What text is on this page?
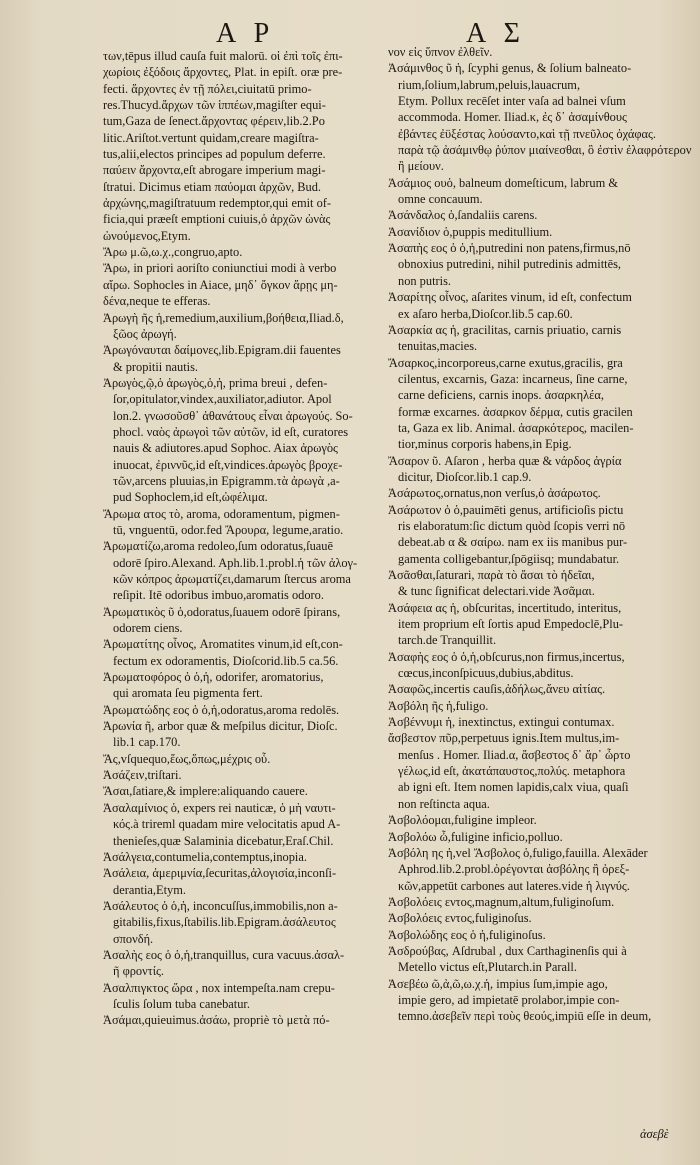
A P	A Σ
των,tēpus illud cauſa fuit malorū. οἱ ἐπὶ τοῖς ἐπι-
χωρίοις ἐξόδοις ἄρχοντες, Plat. in epiſt. oræ pre-
fecti. ἄρχοντες ἐν τῇ πόλει,ciuitatū primo-
res.Thucyd.ἄρχων τῶν ἱππέων,magiſter equi-
tum,Gaza de ſenect.ἄρχοντας φέρειν,lib.2.Po
litic.Ariſtot.vertunt quidam,creare magiſtra-
tus,alii,electos principes ad populum deferre.
παύειν ἄρχοντα,eſt abrogare imperium magi-
ſtratui. Dicimus etiam παύομαι ἀρχῶν, Bud.
ἀρχώνης,magiſtratuum redemptor,qui emit of-
ficia,qui præeſt emptioni cuiuis,ὁ ἀρχῶν ὠνὰς
ὠνούμενος,Etym.
Ἄρω μ.ῶ,ω.χ.,congruo,apto.
Ἄρω, in priori aoriſto coniunctiui modi à verbo
αἴρω. Sophocles in Aiace, μηδ᾽ ὄγκον ἄρῃς μη-
δένα,neque te efferas.
Ἀρωγὴ ῆς ἡ,remedium,auxilium,βοήθεια,Iliad.δ,
ξῶος ἀρωγή.
Ἀρωγόναυται δαίμονες,lib.Epigram.dii fauentes
& propitii nautis.
Ἀρωγὸς,ῷ,ὁ ἀρωγὸς,ὁ,ἡ, prima breui , defen-
ſor,opitulator,vindex,auxiliator,adiutor. Apol
lon.2. γνωσοῦσθ᾽ ἀθανάτους εἶναι ἀρωγούς. So-
phocl. ναὸς ἀρωγοὶ τῶν αὐτῶν, id eſt, curatores
nauis & adiutores.apud Sophoc. Aiax ἀρωγὸς
inuocat, ἐριννῦς,id eſt,vindices.ἀρωγὸς βροχε-
τῶν,arcens pluuias,in Epigramm.τὰ ἀρωγὰ ,a-
pud Sophoclem,id eſt,ὠφέλιμα.
Ἄρωμα ατος τὸ, aroma, odoramentum, pigmen-
tū, vnguentū, odor.fed Ἄρουρα, legume,aratio.
Ἀρωματίζω,aroma redoleo,ſum odoratus,ſuauē
odorē ſpiro.Alexand. Aph.lib.1.probl.ἡ τῶν ἀλογ-
κῶν κόπρος ἀρωματίζει,damarum ſtercus aroma
reſipit. Itē odoribus imbuo,aromatis odoro.
Ἀρωματικὸς ῦ ὁ,odoratus,ſuauem odorē ſpirans,
odorem ciens.
Ἀρωματίτης οἶνος, Aromatites vinum,id eſt,con-
fectum ex odoramentis, Dioſcorid.lib.5 ca.56.
Ἀρωματοφόρος ὁ ὁ,ἡ, odorifer, aromatorius,
qui aromata ſeu pigmenta fert.
Ἀρωματώδης εος ὁ ὁ,ἡ,odoratus,aroma redolēs.
Ἀρωνία ῆ, arbor quæ & meſpilus dicitur, Dioſc.
lib.1 cap.170.
Ἄς,vſquequo,ἕως,ὅπως,μέχρις οὗ.
Ἀσάζειν,triſtari.
Ἄσαι,ſatiare,& implere:aliquando cauere.
Ἀσαλαμίνιος ὁ, expers rei nauticæ, ὁ μὴ ναυτι-
κός.à trireml quadam mire velocitatis apud A-
thenieſes,quæ Salaminia dicebatur,Eraſ.Chil.
Ἀσάλγεια,contumelia,contemptus,inopia.
Ἀσάλεια, ἀμεριμνία,ſecuritas,ἀλογισία,inconſi-
derantia,Etym.
Ἀσάλευτος ὁ ὁ,ἡ, inconcuſſus,immobilis,non a-
gitabilis,fixus,ſtabilis.lib.Epigram.ἀσάλευτος
σπονδή.
Ἀσαλὴς εος ὁ ὁ,ἡ,tranquillus, cura vacuus.ἀσαλ-
ῆ φροντίς.
Ἀσαλπιγκτος ὥρα , nox intempeſta.nam crepu-
ſculis ſolum tuba canebatur.
Ἀσάμαι,quieuimus.ἀσάω, propriè τὸ μετὰ πό-
νον εἰς ὕπνον ἐλθεῖν.
Ἀσάμινθος ῦ ἡ, ſcyphi genus, & ſolium balneato-
rium,ſolium,labrum,peluis,lauacrum,
Etym. Pollux recēſet inter vaſa ad balnei vſum
accommoda. Homer. Iliad.κ, ἐς δ᾽ ἀσαμίνθους
ἐβάντες ἐϋξέστας λούσαντο,καὶ τῇ πνεῦλος ὀχάφας.
παρὰ τῷ ἀσάμινθῳ ῥύπον μιαίνεσθαι, ὃ ἐστὶν ἐλαφρότερον
ἢ μείουν.
Ἀσάμιος ουὁ, balneum domeſticum, labrum &
omne concauum.
Ἀσάνδαλος ὁ,ſandaliis carens.
Ἀσανίδιον ὁ,puppis meditullium.
Ἀσαπὴς εος ὁ ὁ,ἡ,putredini non patens,firmus,nō
obnoxius putredini, nihil putredinis admittēs,
non putris.
Ἀσαρίτης οἶνος, aſarites vinum, id eſt, confectum
ex aſaro herba,Dioſcor.lib.5 cap.60.
Ἀσαρκία ας ἡ, gracilitas, carnis priuatio, carnis
tenuitas,macies.
Ἄσαρκος,incorporeus,carne exutus,gracilis, gra
cilentus, excarnis, Gaza: incarneus, ſine carne,
carne deficiens, carnis inops. ἀσαρκηλέα,
formæ excarnes. ἀσαρκον δέρμα, cutis gracilen
ta, Gaza ex lib. Animal. ἀσαρκότερος, macilen-
tior,minus corporis habens,in Epig.
Ἄσαρον ῦ. Aſaron , herba quæ & νάρδος ἀγρία
dicitur, Dioſcor.lib.1 cap.9.
Ἀσάρωτος,ornatus,non verſus,ὁ ἀσάρωτος.
Ἀσάρωτον ὁ ὁ,pauimēti genus, artificioſis pictu
ris elaboratum:ſic dictum quòd ſcopis verri nō
debeat.ab α & σαίρω. nam ex iis manibus pur-
gamenta colligebantur,ſpōgiisq; mundabatur.
Ἀσᾶσθαι,ſaturari, παρὰ τὸ ἄσαι τὸ ἡδεῖαι,
& tunc ſignificat delectari.vide Ἀσᾶμαι.
Ἀσάφεια ας ἡ, obſcuritas, incertitudo, interitus,
item proprium eſt ſortis apud Empedoclē,Plu-
tarch.de Tranquillit.
Ἀσαφὴς εος ὁ ὁ,ἡ,obſcurus,non firmus,incertus,
cœcus,inconſpicuus,dubius,abditus.
Ἀσαφῶς,incertis cauſis,ἀδήλως,ἄνευ αἰτίας.
Ἀσβόλη ῆς ἡ,fuligo.
Ἀσβέννυμι ἡ, inextinctus, extingui contumax.
ἄσβεστον πῦρ,perpetuus ignis.Item multus,im-
menſus . Homer. Iliad.α, ἄσβεστος δ᾽ ἄρ᾽ ὦρτο
γέλως,id eſt, ἀκατάπαυστος,πολύς. metaphora
ab igni eſt. Item nomen lapidis,calx viua, quaſi
non reſtincta aqua.
Ἀσβολόομαι,fuligine impleor.
Ἀσβολόω ὦ,fuligine inficio,polluo.
Ἀσβόλη ης ἡ,vel Ἄσβολος ὁ,fuligo,fauilla. Alexāder
Aphrod.lib.2.probl.ὀρέγονται ἀσβόλης ἢ ὀρεξ-
κῶν,appetūt carbones aut lateres.vide ἡ λιγνύς.
Ἀσβολόεις εντος,magnum,altum,fuliginoſum.
Ἀσβολόεις εντος,fuliginoſus.
Ἀσβολώδης εος ὁ ἡ,fuliginoſus.
Ἀσδρούβας, Aſdrubal , dux Carthaginenſis qui à
Metello victus eſt,Plutarch.in Parall.
Ἀσεβέω ῶ,ἀ,ῶ,ω.χ.ἡ, impius ſum,impie ago,
impie gero, ad impietatē prolabor,impie con-
temno.ἀσεβεῖν περὶ τοὺς θεούς,impiū eſſe in deum,
ἀσεβὲ
